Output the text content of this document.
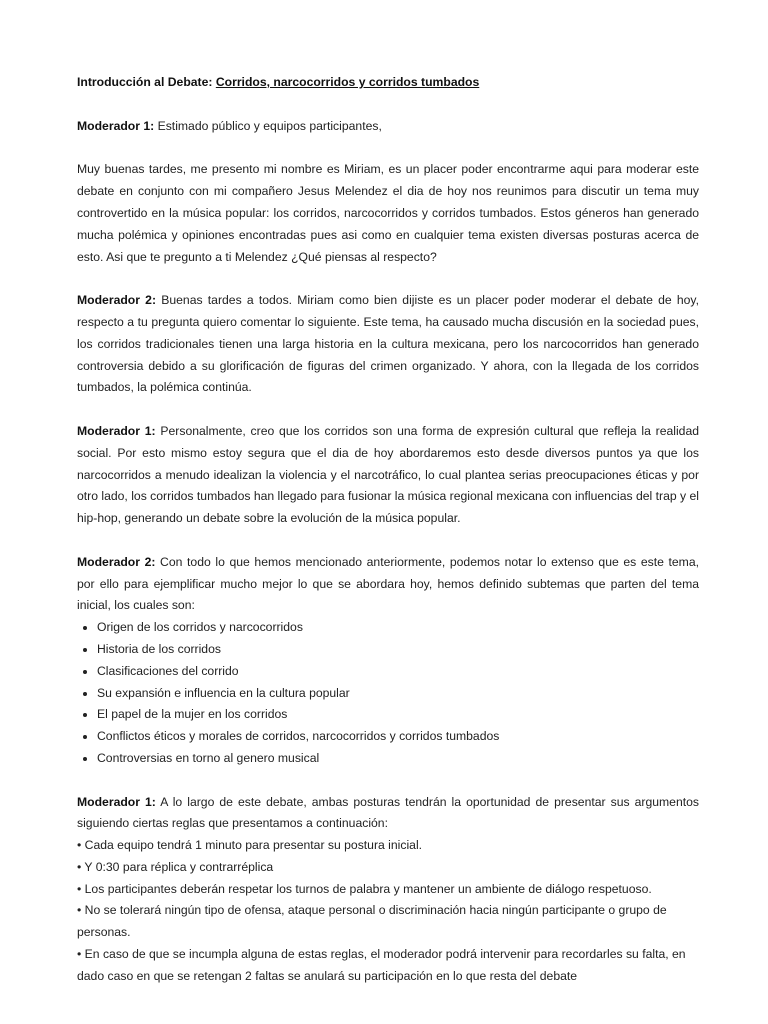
Introducción al Debate: Corridos, narcocorridos y corridos tumbados

Moderador 1: Estimado público y equipos participantes,

Muy buenas tardes, me presento mi nombre es Miriam, es un placer poder encontrarme aqui para moderar este debate en conjunto con mi compañero Jesus Melendez el dia de hoy nos reunimos para discutir un tema muy controvertido en la música popular: los corridos, narcocorridos y corridos tumbados. Estos géneros han generado mucha polémica y opiniones encontradas pues asi como en cualquier tema existen diversas posturas acerca de esto. Asi que te pregunto a ti Melendez ¿Qué piensas al respecto?

Moderador 2: Buenas tardes a todos. Miriam como bien dijiste es un placer poder moderar el debate de hoy, respecto a tu pregunta quiero comentar lo siguiente. Este tema, ha causado mucha discusión en la sociedad pues, los corridos tradicionales tienen una larga historia en la cultura mexicana, pero los narcocorridos han generado controversia debido a su glorificación de figuras del crimen organizado. Y ahora, con la llegada de los corridos tumbados, la polémica continúa.

Moderador 1: Personalmente, creo que los corridos son una forma de expresión cultural que refleja la realidad social. Por esto mismo estoy segura que el dia de hoy abordaremos esto desde diversos puntos ya que los narcocorridos a menudo idealizan la violencia y el narcotráfico, lo cual plantea serias preocupaciones éticas y por otro lado, los corridos tumbados han llegado para fusionar la música regional mexicana con influencias del trap y el hip-hop, generando un debate sobre la evolución de la música popular.

Moderador 2: Con todo lo que hemos mencionado anteriormente, podemos notar lo extenso que es este tema, por ello para ejemplificar mucho mejor lo que se abordara hoy, hemos definido subtemas que parten del tema inicial, los cuales son:

• Origen de los corridos y narcocorridos
• Historia de los corridos
• Clasificaciones del corrido
• Su expansión e influencia en la cultura popular
• El papel de la mujer en los corridos
• Conflictos éticos y morales de corridos, narcocorridos y corridos tumbados
• Controversias en torno al genero musical

Moderador 1: A lo largo de este debate, ambas posturas tendrán la oportunidad de presentar sus argumentos siguiendo ciertas reglas que presentamos a continuación:

• Cada equipo tendrá 1 minuto para presentar su postura inicial.

• Y 0:30 para réplica y contrarréplica

• Los participantes deberán respetar los turnos de palabra y mantener un ambiente de diálogo respetuoso.

• No se tolerará ningún tipo de ofensa, ataque personal o discriminación hacia ningún participante o grupo de personas.

• En caso de que se incumpla alguna de estas reglas, el moderador podrá intervenir para recordarles su falta, en dado caso en que se retengan 2 faltas se anulará su participación en lo que resta del debate
